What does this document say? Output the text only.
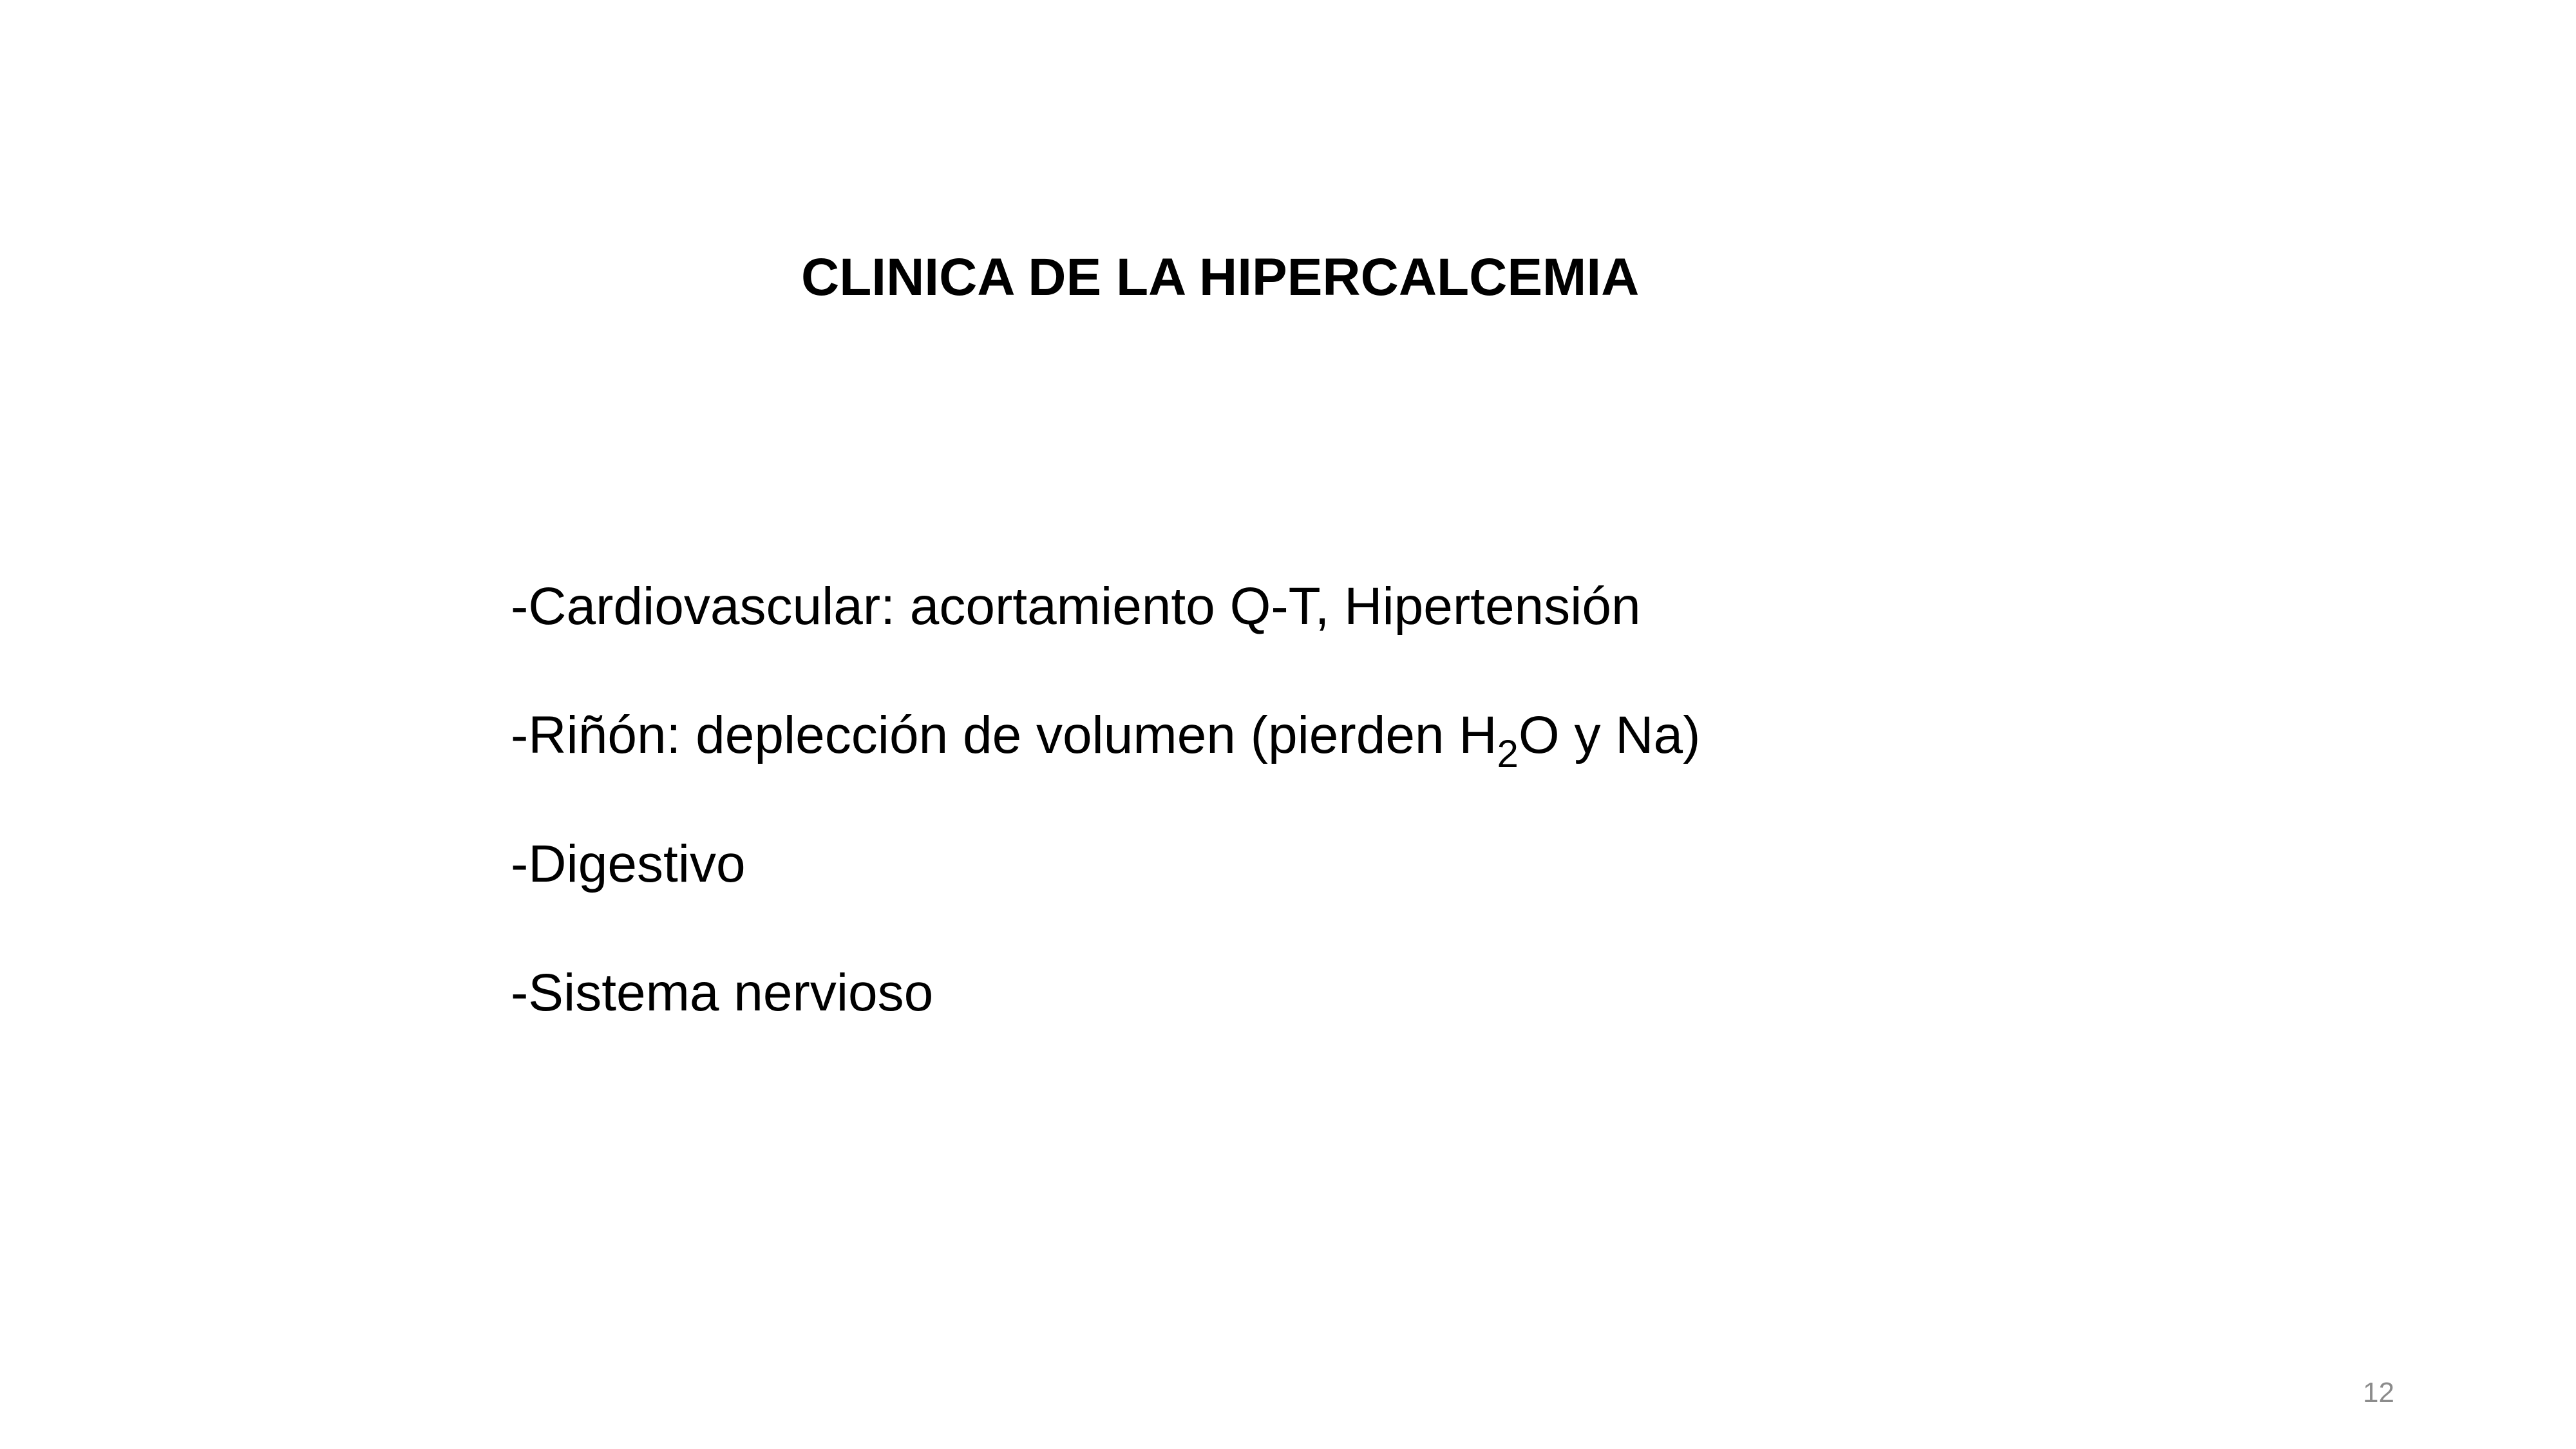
CLINICA DE LA HIPERCALCEMIA
-Cardiovascular: acortamiento Q-T, Hipertensión
-Riñón: deplección de volumen (pierden $H_2O$ y Na)
-Digestivo
-Sistema nervioso
12
